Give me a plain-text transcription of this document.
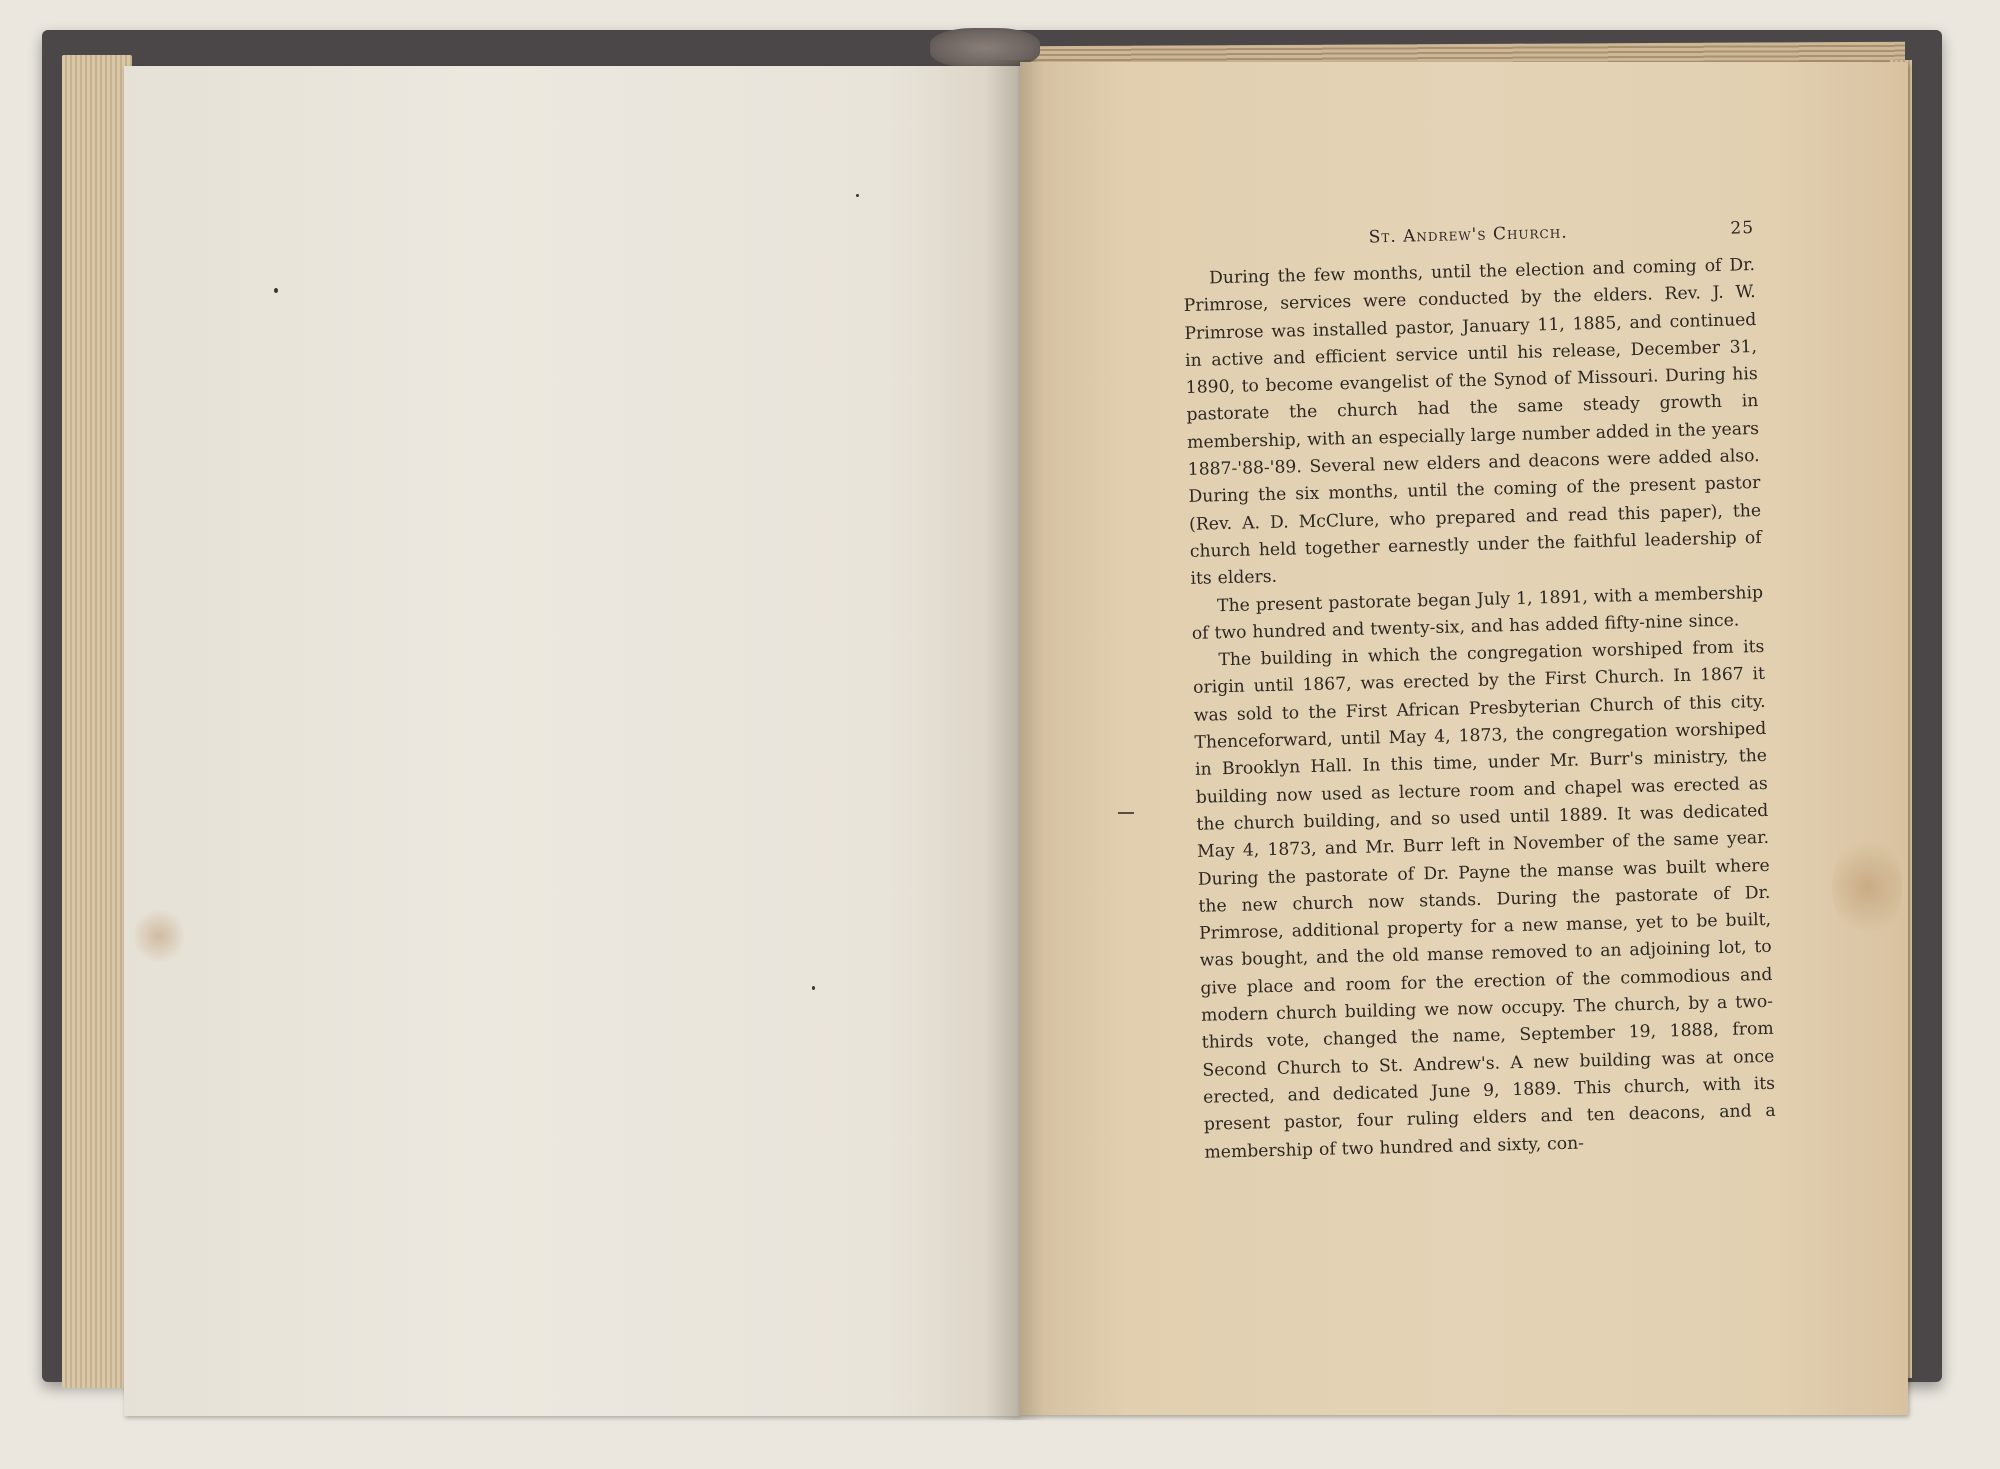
St. Andrew's Church.	25

During the few months, until the election and coming of Dr. Primrose, services were conducted by the elders. Rev. J. W. Primrose was installed pastor, January 11, 1885, and continued in active and efficient service until his release, December 31, 1890, to become evangelist of the Synod of Missouri. During his pastorate the church had the same steady growth in membership, with an especially large number added in the years 1887-'88-'89. Several new elders and deacons were added also. During the six months, until the coming of the present pastor (Rev. A. D. McClure, who prepared and read this paper), the church held together earnestly under the faithful leadership of its elders.

The present pastorate began July 1, 1891, with a membership of two hundred and twenty-six, and has added fifty-nine since.

The building in which the congregation worshiped from its origin until 1867, was erected by the First Church. In 1867 it was sold to the First African Presbyterian Church of this city. Thenceforward, until May 4, 1873, the congregation worshiped in Brooklyn Hall. In this time, under Mr. Burr's ministry, the building now used as lecture room and chapel was erected as the church building, and so used until 1889. It was dedicated May 4, 1873, and Mr. Burr left in November of the same year. During the pastorate of Dr. Payne the manse was built where the new church now stands. During the pastorate of Dr. Primrose, additional property for a new manse, yet to be built, was bought, and the old manse removed to an adjoining lot, to give place and room for the erection of the commodious and modern church building we now occupy. The church, by a two-thirds vote, changed the name, September 19, 1888, from Second Church to St. Andrew's. A new building was at once erected, and dedicated June 9, 1889. This church, with its present pastor, four ruling elders and ten deacons, and a membership of two hundred and sixty, con-
